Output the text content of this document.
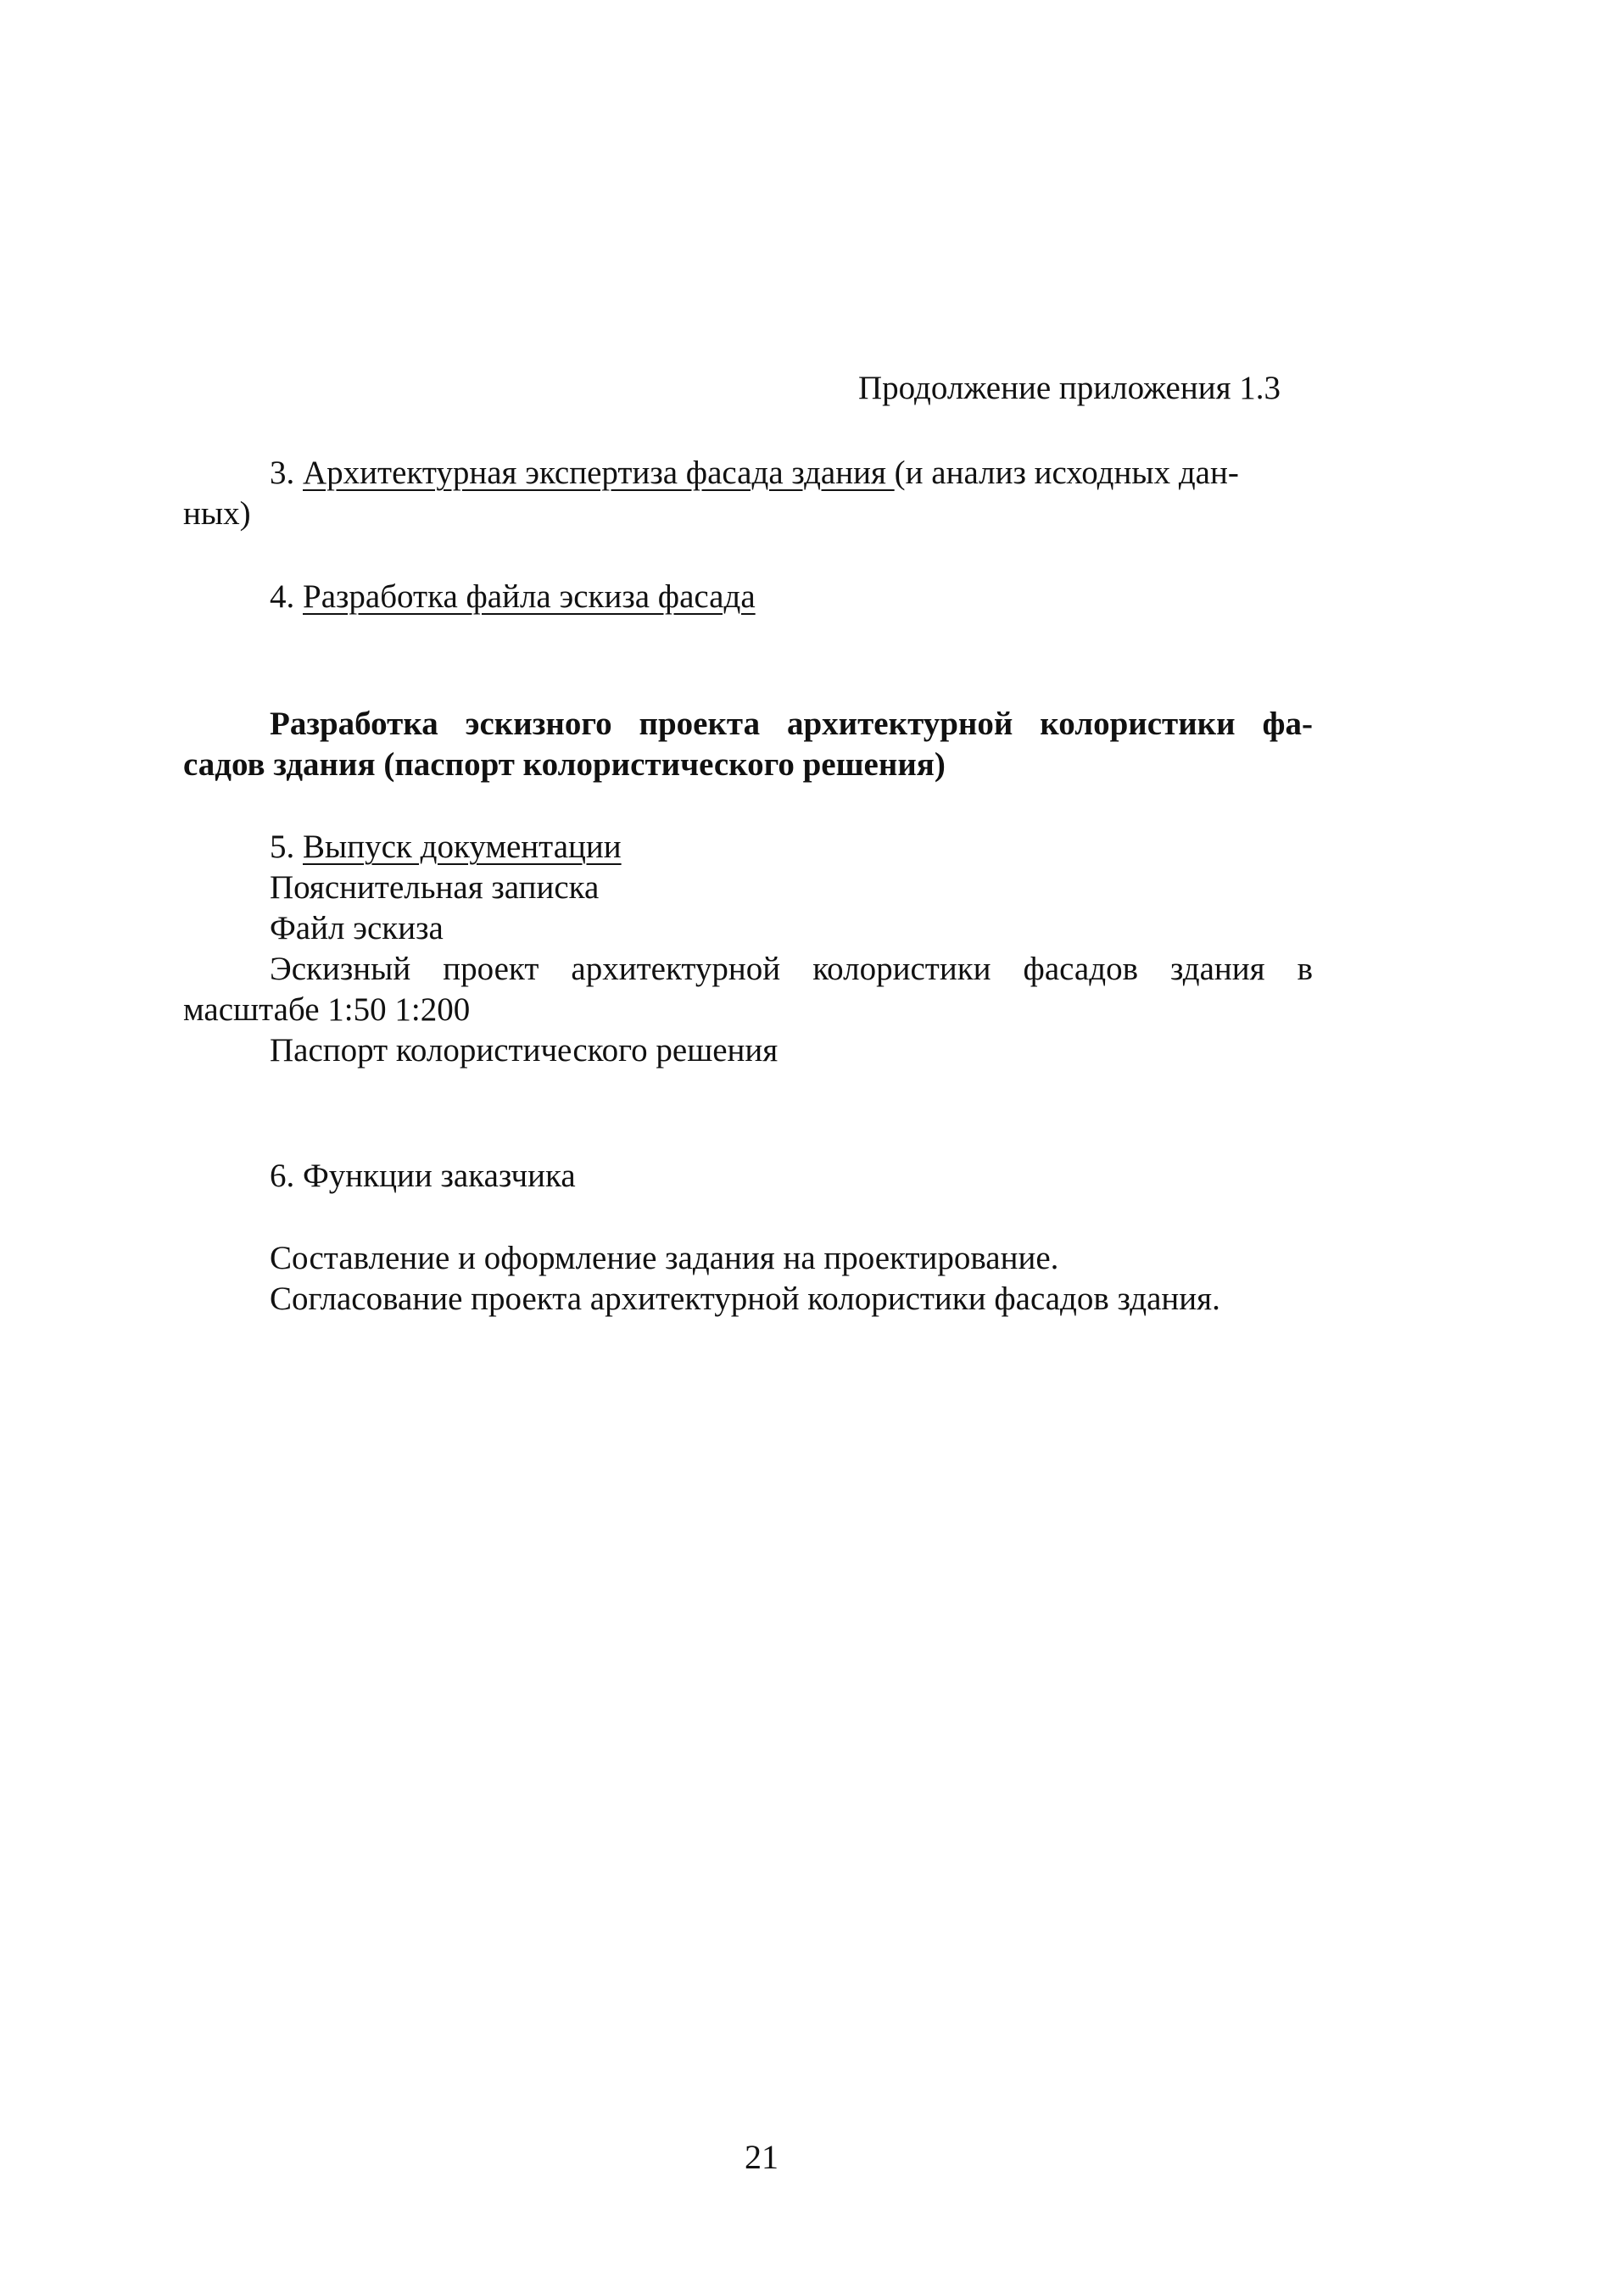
Продолжение приложения 1.3
3. Архитектурная экспертиза фасада здания (и анализ исходных дан-
ных)
4. Разработка файла эскиза фасада
Разработка эскизного проекта архитектурной колористики фа-
садов здания (паспорт колористического решения)
5. Выпуск документации
Пояснительная записка
Файл эскиза
Эскизный проект архитектурной колористики фасадов здания в
масштабе 1:50 1:200
Паспорт колористического решения
6. Функции заказчика
Составление и оформление задания на проектирование.
Согласование проекта архитектурной колористики фасадов здания.
21
